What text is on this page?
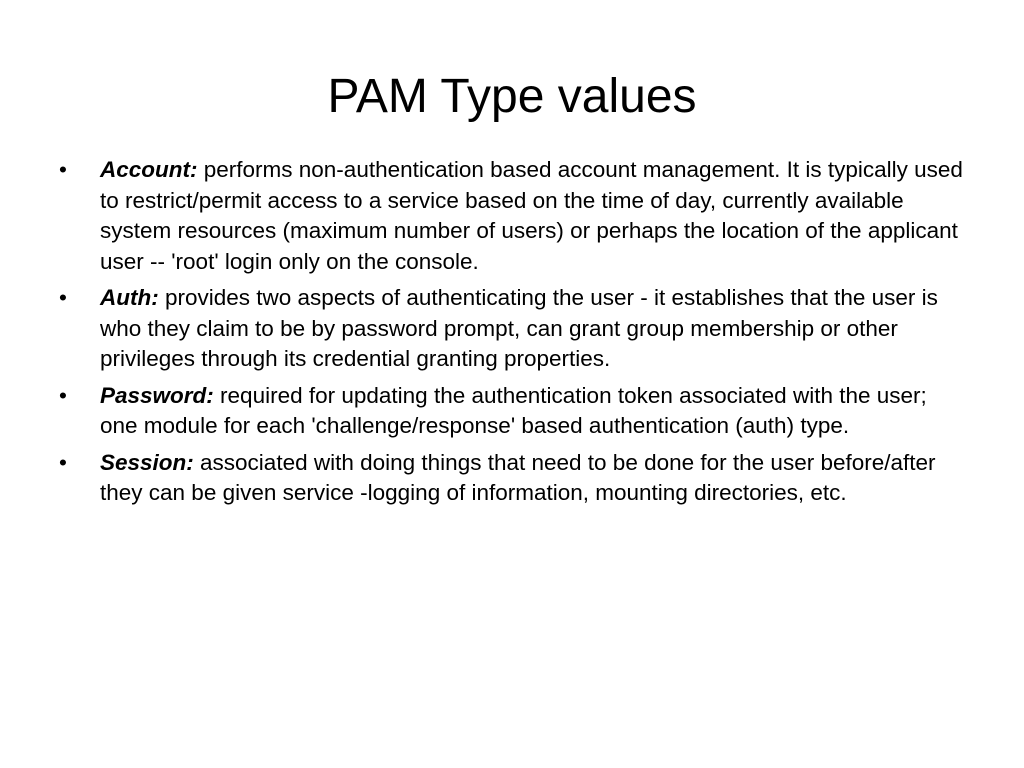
PAM Type values
•	Account: performs non-authentication based account management. It is typically used to restrict/permit access to a service based on the time of day, currently available system resources (maximum number of users) or perhaps the location of the applicant user -- 'root' login only on the console.
•	Auth: provides two aspects of authenticating the user - it establishes that the user is who they claim to be by password prompt, can grant group membership or other privileges through its credential granting properties.
•	Password: required for updating the authentication token associated with the user; one module for each 'challenge/response' based authentication (auth) type.
•	Session: associated with doing things that need to be done for the user before/after they can be given service -logging of information, mounting directories, etc.
